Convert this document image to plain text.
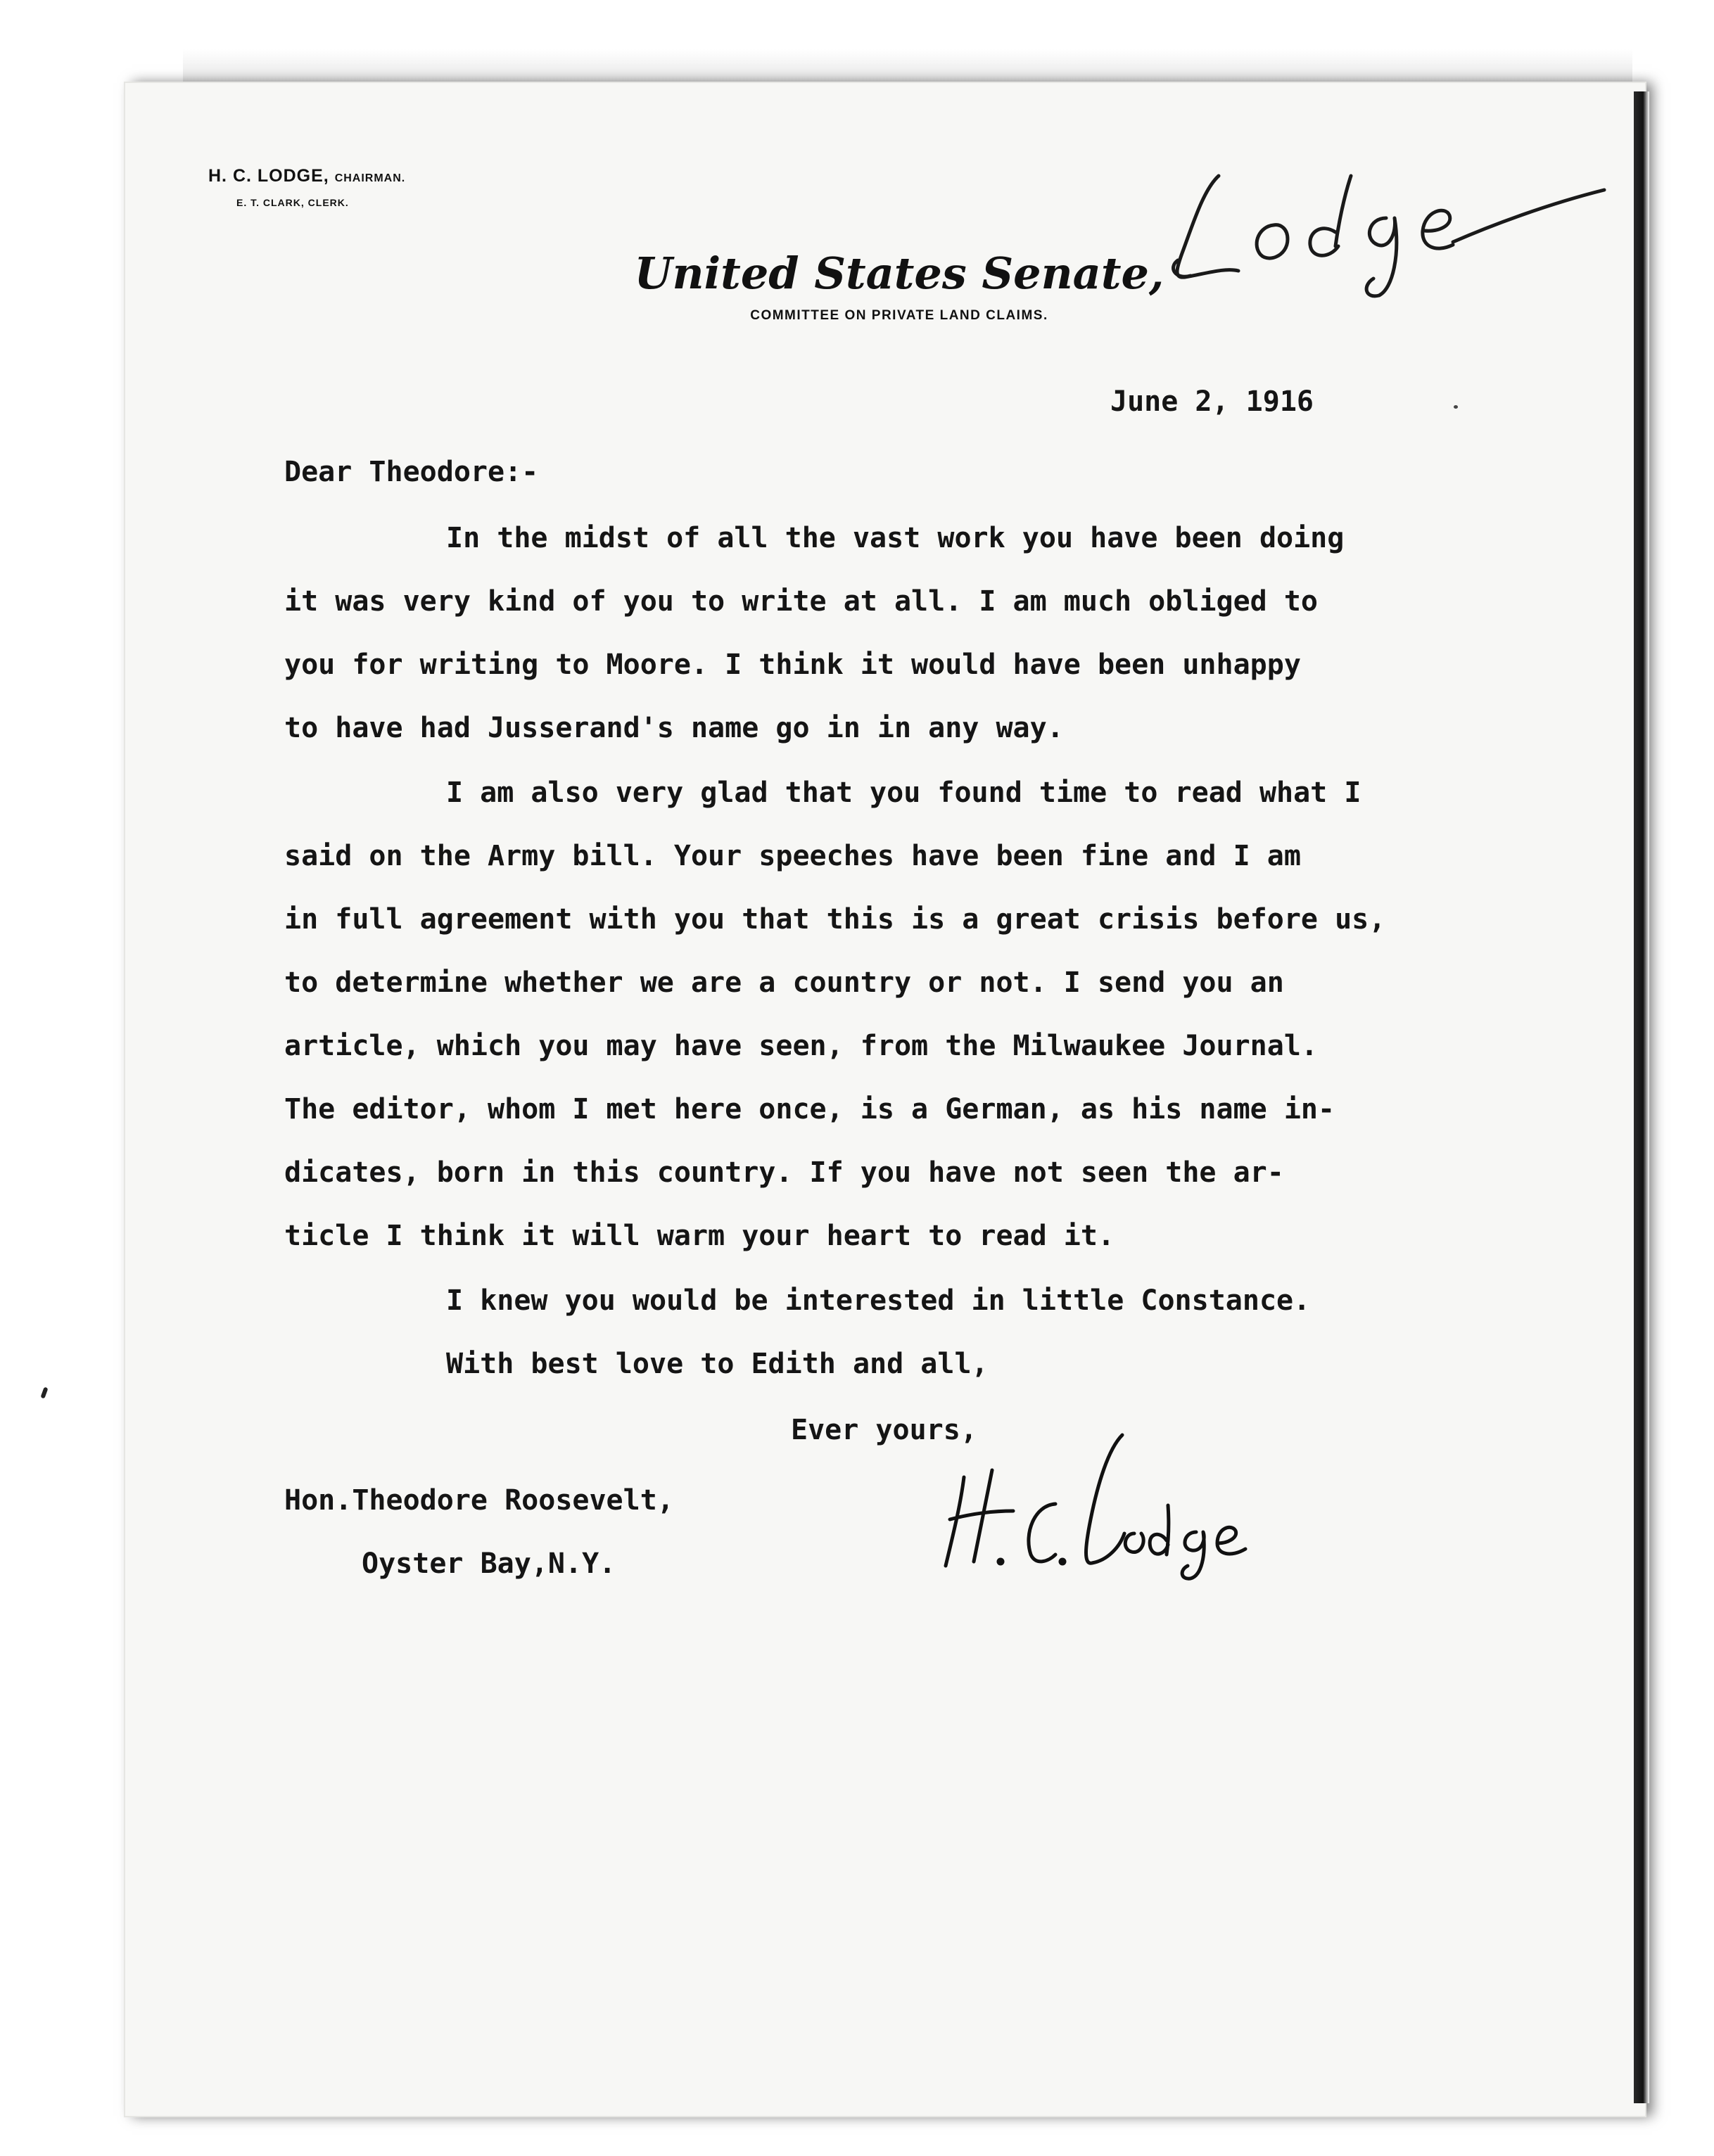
H. C. LODGE, CHAIRMAN.
E. T. CLARK, CLERK.
United States Senate,
COMMITTEE ON PRIVATE LAND CLAIMS.
June 2, 1916
Dear Theodore:-
In the midst of all the vast work you have been doing
it was very kind of you to write at all. I am much obliged to
you for writing to Moore. I think it would have been unhappy
to have had Jusserand's name go in in any way.
I am also very glad that you found time to read what I
said on the Army bill. Your speeches have been fine and I am
in full agreement with you that this is a great crisis before us,
to determine whether we are a country or not. I send you an
article, which you may have seen, from the Milwaukee Journal.
The editor, whom I met here once, is a German, as his name in-
dicates, born in this country. If you have not seen the ar-
ticle I think it will warm your heart to read it.
I knew you would be interested in little Constance.
With best love to Edith and all,
Ever yours,
Hon.Theodore Roosevelt,
Oyster Bay,N.Y.
